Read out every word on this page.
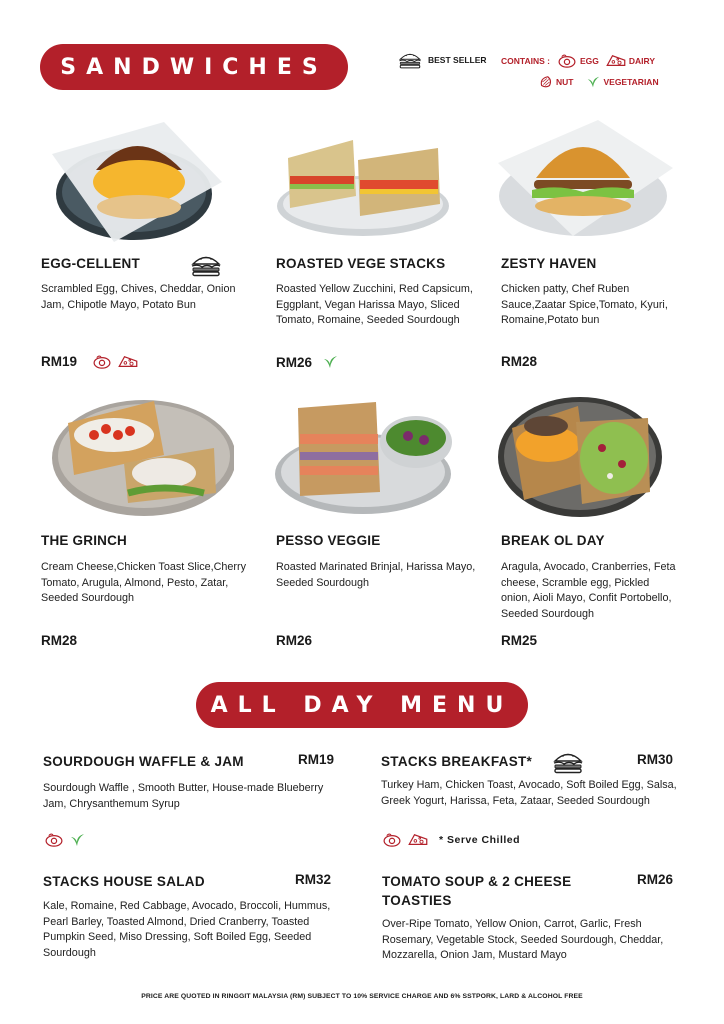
SANDWICHES	BEST SELLER CONTAINS :	EGG	DAIRY
NUT	VEGETARIAN
EGG-CELLENT
Scrambled Egg, Chives, Cheddar, Onion Jam, Chipotle Mayo, Potato Bun
RM19
ROASTED VEGE STACKS
Roasted Yellow Zucchini, Red Capsicum, Eggplant, Vegan Harissa Mayo, Sliced Tomato, Romaine, Seeded Sourdough
RM26
ZESTY HAVEN
Chicken patty, Chef Ruben Sauce,Zaatar Spice,Tomato, Kyuri, Romaine,Potato bun
RM28
THE GRINCH
Cream Cheese,Chicken Toast Slice,Cherry Tomato, Arugula, Almond, Pesto, Zatar, Seeded Sourdough
RM28
PESSO VEGGIE
Roasted Marinated Brinjal, Harissa Mayo, Seeded Sourdough
RM26
BREAK OL DAY
Aragula, Avocado, Cranberries, Feta cheese, Scramble egg, Pickled onion, Aioli Mayo, Confit Portobello, Seeded Sourdough
RM25
ALL DAY MENU
SOURDOUGH WAFFLE & JAM	RM19
Sourdough Waffle , Smooth Butter, House-made Blueberry Jam, Chrysanthemum Syrup
STACKS BREAKFAST*	RM30
Turkey Ham, Chicken Toast, Avocado, Soft Boiled Egg, Salsa, Greek Yogurt, Harissa, Feta, Zataar, Seeded Sourdough
* Serve Chilled
STACKS HOUSE SALAD	RM32
Kale, Romaine, Red Cabbage, Avocado, Broccoli, Hummus, Pearl Barley, Toasted Almond, Dried Cranberry, Toasted Pumpkin Seed, Miso Dressing, Soft Boiled Egg, Seeded Sourdough
TOMATO SOUP & 2 CHEESE TOASTIES
RM26
Over-Ripe Tomato, Yellow Onion, Carrot, Garlic, Fresh Rosemary, Vegetable Stock, Seeded Sourdough, Cheddar, Mozzarella, Onion Jam, Mustard Mayo
PRICE ARE QUOTED IN RINGGIT MALAYSIA (RM) SUBJECT TO 10% SERVICE CHARGE AND 6% SSTPORK, LARD & ALCOHOL FREE
